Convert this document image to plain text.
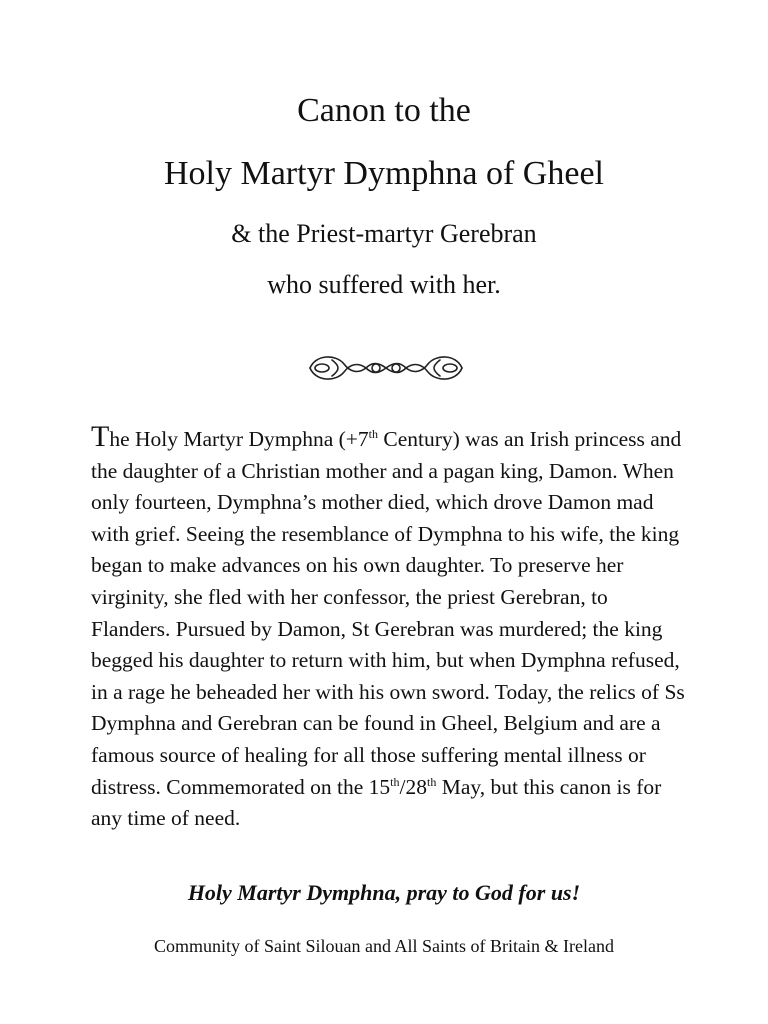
Canon to the
Holy Martyr Dymphna of Gheel
& the Priest-martyr Gerebran
who suffered with her.
The Holy Martyr Dymphna (+7th Century) was an Irish princess and the daughter of a Christian mother and a pagan king, Damon. When only fourteen, Dymphna’s mother died, which drove Damon mad with grief. Seeing the resemblance of Dymphna to his wife, the king began to make advances on his own daughter. To preserve her virginity, she fled with her confessor, the priest Gerebran, to Flanders. Pursued by Damon, St Gerebran was murdered; the king begged his daughter to return with him, but when Dymphna refused, in a rage he beheaded her with his own sword. Today, the relics of Ss Dymphna and Gerebran can be found in Gheel, Belgium and are a famous source of healing for all those suffering mental illness or distress. Commemorated on the 15th/28th May, but this canon is for any time of need.
Holy Martyr Dymphna, pray to God for us!
Community of Saint Silouan and All Saints of Britain & Ireland
